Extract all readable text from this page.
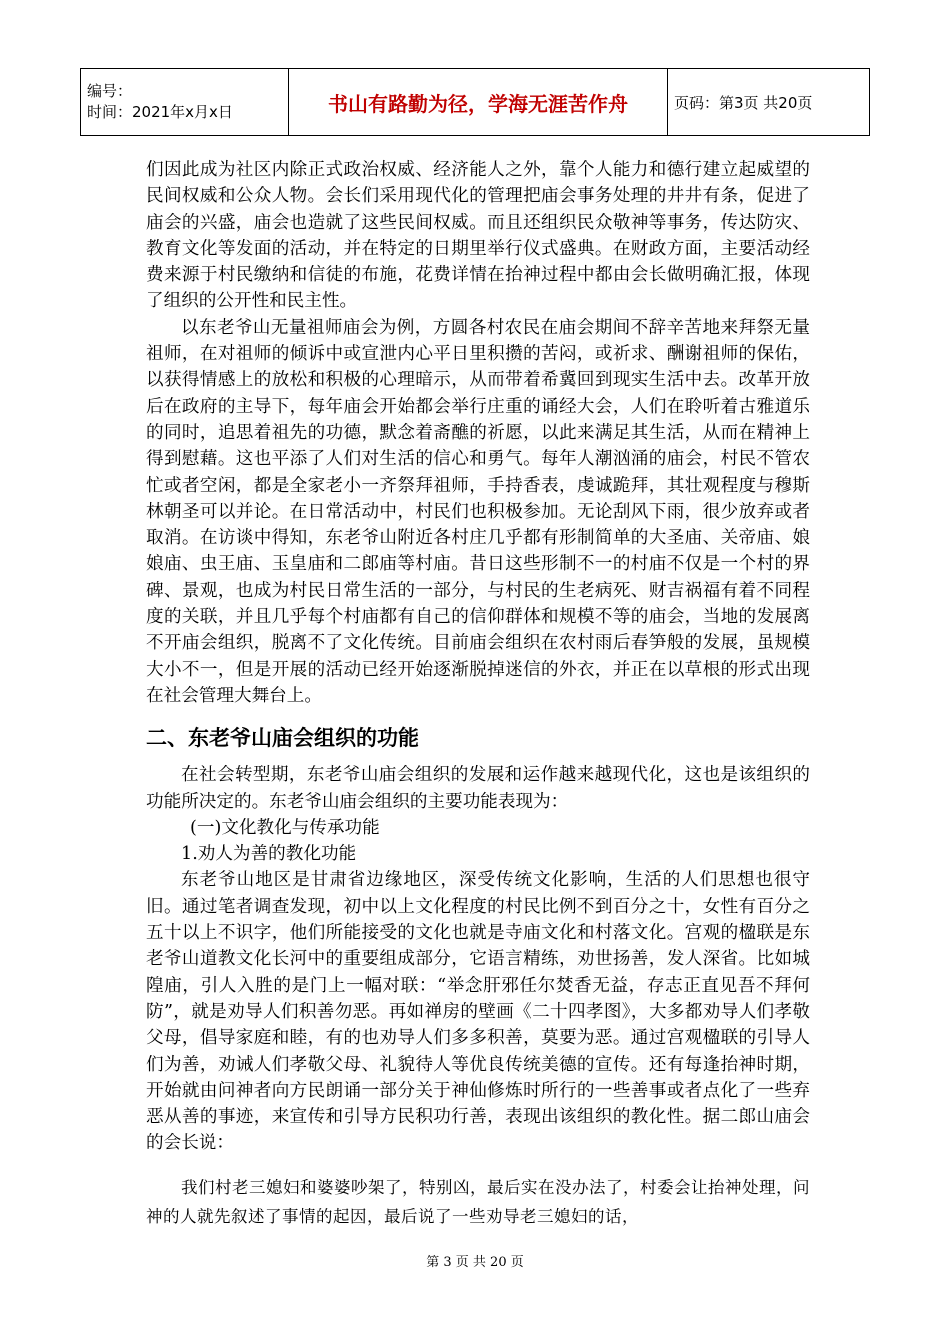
编号：
时间：2021年x月x日	书山有路勤为径，学海无涯苦作舟	页码：第3页 共20页

们因此成为社区内除正式政治权威、经济能人之外，靠个人能力和德行建立起威望的民间权威和公众人物。会长们采用现代化的管理把庙会事务处理的井井有条，促进了庙会的兴盛，庙会也造就了这些民间权威。而且还组织民众敬神等事务，传达防灾、教育文化等发面的活动，并在特定的日期里举行仪式盛典。在财政方面，主要活动经费来源于村民缴纳和信徒的布施，花费详情在抬神过程中都由会长做明确汇报，体现了组织的公开性和民主性。

以东老爷山无量祖师庙会为例，方圆各村农民在庙会期间不辞辛苦地来拜祭无量祖师，在对祖师的倾诉中或宣泄内心平日里积攒的苦闷，或祈求、酬谢祖师的保佑，以获得情感上的放松和积极的心理暗示，从而带着希冀回到现实生活中去。改革开放后在政府的主导下，每年庙会开始都会举行庄重的诵经大会，人们在聆听着古雅道乐的同时，追思着祖先的功德，默念着斋醮的祈愿，以此来满足其生活，从而在精神上得到慰藉。这也平添了人们对生活的信心和勇气。每年人潮汹涌的庙会，村民不管农忙或者空闲，都是全家老小一齐祭拜祖师，手持香表，虔诚跪拜，其壮观程度与穆斯林朝圣可以并论。在日常活动中，村民们也积极参加。无论刮风下雨，很少放弃或者取消。在访谈中得知，东老爷山附近各村庄几乎都有形制简单的大圣庙、关帝庙、娘娘庙、虫王庙、玉皇庙和二郎庙等村庙。昔日这些形制不一的村庙不仅是一个村的界碑、景观，也成为村民日常生活的一部分，与村民的生老病死、财吉祸福有着不同程度的关联，并且几乎每个村庙都有自己的信仰群体和规模不等的庙会，当地的发展离不开庙会组织，脱离不了文化传统。目前庙会组织在农村雨后春笋般的发展，虽规模大小不一，但是开展的活动已经开始逐渐脱掉迷信的外衣，并正在以草根的形式出现在社会管理大舞台上。

二、东老爷山庙会组织的功能

在社会转型期，东老爷山庙会组织的发展和运作越来越现代化，这也是该组织的功能所决定的。东老爷山庙会组织的主要功能表现为：

(一)文化教化与传承功能

1.劝人为善的教化功能

东老爷山地区是甘肃省边缘地区，深受传统文化影响，生活的人们思想也很守旧。通过笔者调查发现，初中以上文化程度的村民比例不到百分之十，女性有百分之五十以上不识字，他们所能接受的文化也就是寺庙文化和村落文化。宫观的楹联是东老爷山道教文化长河中的重要组成部分，它语言精练，劝世扬善，发人深省。比如城隍庙，引人入胜的是门上一幅对联：“举念肝邪任尔焚香无益，存志正直见吾不拜何防”，就是劝导人们积善勿恶。再如禅房的壁画《二十四孝图》，大多都劝导人们孝敬父母，倡导家庭和睦，有的也劝导人们多多积善，莫要为恶。通过宫观楹联的引导人们为善，劝诫人们孝敬父母、礼貌待人等优良传统美德的宣传。还有每逢抬神时期，开始就由问神者向方民朗诵一部分关于神仙修炼时所行的一些善事或者点化了一些弃恶从善的事迹，来宣传和引导方民积功行善，表现出该组织的教化性。据二郎山庙会的会长说：

我们村老三媳妇和婆婆吵架了，特别凶，最后实在没办法了，村委会让抬神处理，问神的人就先叙述了事情的起因，最后说了一些劝导老三媳妇的话，

第 3 页 共 20 页
